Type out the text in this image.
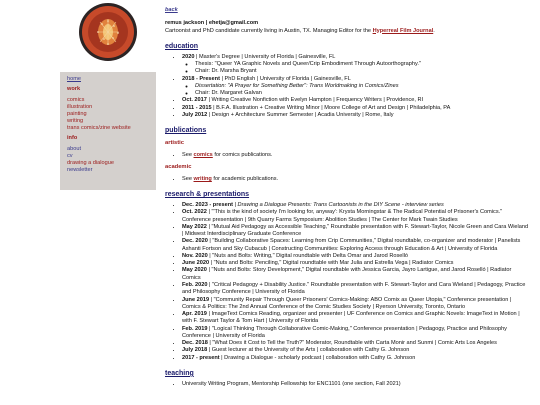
home
work
comics
illustration
painting
writing
trans comics/zine website
info
about
cv
drawing a dialogue
newsletter
back
remus jackson | ehetja@gmail.com
Cartoonist and PhD candidate currently living in Austin, TX. Managing Editor for the Hyperreal Film Journal.
education
• 2020 | Master's Degree | University of Florida | Gainesville, FL
◦ Thesis: "Queer YA Graphic Novels and Queer/Crip Embodiment Through Autoorthography."
◦ Chair: Dr. Marsha Bryant
• 2018 - Present | PhD English | University of Florida | Gainesville, FL
◦ Dissertation: "A Prayer for Something Better": Trans Worldmaking in Comics/Zines
◦ Chair: Dr. Margaret Galvan
• Oct. 2017 | Writing Creative Nonfiction with Evelyn Hampton | Frequency Writers | Providence, RI
• 2011 - 2015 | B.F.A. Illustration + Creative Writing Minor | Moore College of Art and Design | Philadelphia, PA
• July 2012 | Design + Architecture Summer Semester | Acadia University | Rome, Italy
publications
artistic
• See comics for comics publications.
academic
• See writing for academic publications.
research & presentations
• Dec. 2023 - present | Drawing a Dialogue Presents: Trans Cartoonists in the DIY Scene - interview series
• Oct. 2022 | "'This is the kind of society I'm looking for, anyway': Krysta Morningstar & The Radical Potential of Prisoner's Comics." Conference presentation | 9th Quarry Farms Symposium: Abolition Studies | The Center for Mark Twain Studies
• May 2022 | "Mutual Aid Pedagogy as Accessible Teaching," Roundtable presentation with F. Stewart-Taylor, Nicole Green and Cara Wieland | Midwest Interdisciplinary Graduate Conference
• Dec. 2020 | "Building Collaborative Spaces: Learning from Crip Communities," Digital roundtable, co-organizer and moderator | Panelists Ashanti Fortson and Sky Cubacub | Constructing Communities: Exploring Access through Education & Art | University of Florida
• Nov. 2020 | "Nuts and Bolts: Writing," Digital roundtable with Delta Omar and Jarod Roselló
• June 2020 | "Nuts and Bolts: Penciling," Digital roundtable with Mar Julia and Estrella Vega | Radiator Comics
• May 2020 | "Nuts and Bolts: Story Development," Digital roundtable with Jessica Garcia, Jayro Lartigue, and Jarod Roselló | Radiator Comics
• Feb. 2020 | "Critical Pedagogy + Disability Justice." Roundtable presentation with F. Stewart-Taylor and Cara Wieland | Pedagogy, Practice and Philosophy Conference | University of Florida
• June 2019 | "Community Repair Through Queer Prisoners' Comics-Making: ABO Comix as Queer Utopia," Conference presentation | Comics & Politics: The 2nd Annual Conference of the Comic Studies Society | Ryerson University, Toronto, Ontario
• Apr. 2019 | ImageText Comics Reading, organizer and presenter | UF Conference on Comics and Graphic Novels: ImageText in Motion | with F. Stewart Taylor & Tom Hart | University of Florida
• Feb. 2019 | "Logical Thinking Through Collaborative Comic-Making," Conference presentation | Pedagogy, Practice and Philosophy Conference | University of Florida
• Dec. 2018 | "What Does it Cost to Tell the Truth?" Moderator, Roundtable with Carta Monir and Sunmi | Comic Arts Los Angeles
• July 2018 | Guest lecturer at the University of the Arts | collaboration with Cathy G. Johnson
• 2017 - present | Drawing a Dialogue - scholarly podcast | collaboration with Cathy G. Johnson
teaching
• University Writing Program, Mentorship Fellowship for ENC1101 (one section, Fall 2021)
